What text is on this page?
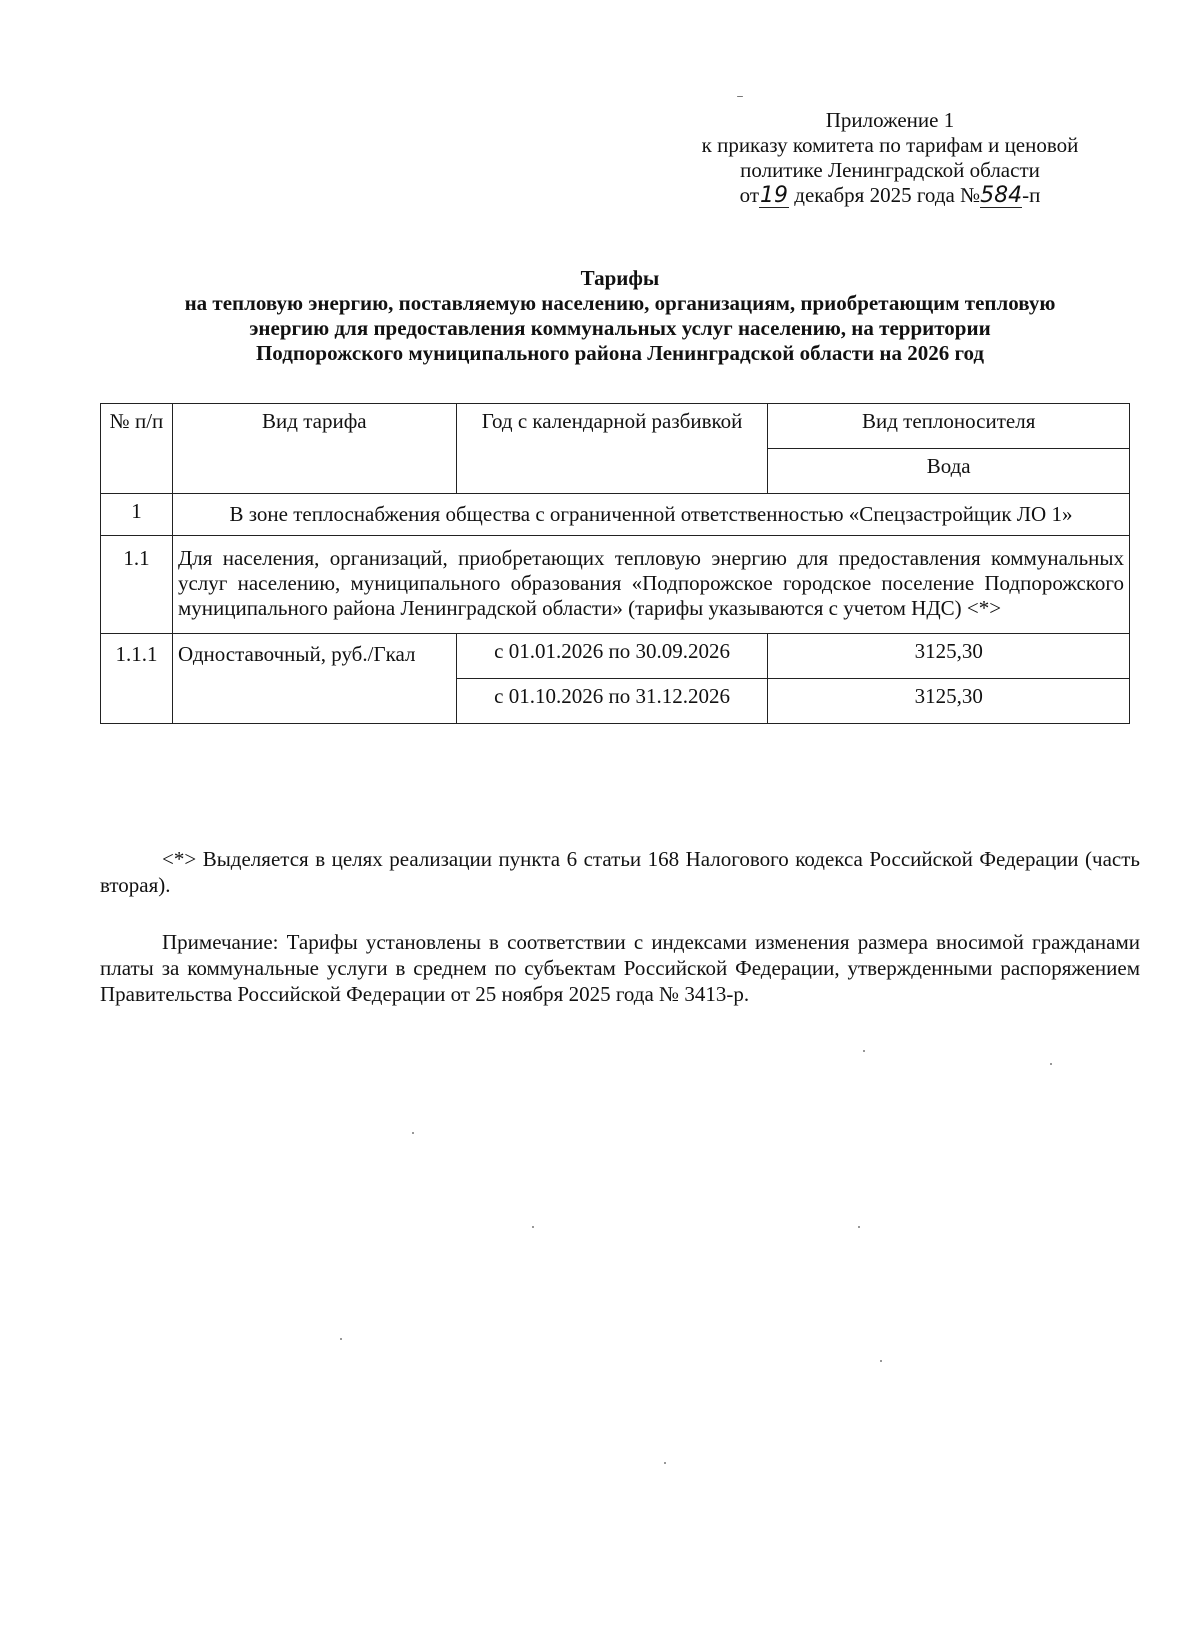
Приложение 1
к приказу комитета по тарифам и ценовой
политике Ленинградской области
от19 декабря 2025 года №584-п
Тарифы
на тепловую энергию, поставляемую населению, организациям, приобретающим тепловую
энергию для предоставления коммунальных услуг населению, на территории
Подпорожского муниципального района Ленинградской области на 2026 год
№ п/п	Вид тарифа	Год с календарной разбивкой	Вид теплоносителя
			Вода
1	В зоне теплоснабжения общества с ограниченной ответственностью «Спецзастройщик ЛО 1»		
1.1	Для населения, организаций, приобретающих тепловую энергию для предоставления коммунальных услуг населению, муниципального образования «Подпорожское городское поселение Подпорожского муниципального района Ленинградской области» (тарифы указываются с учетом НДС) <*>		
1.1.1	Одноставочный, руб./Гкал	с 01.01.2026 по 30.09.2026	3125,30
		с 01.10.2026 по 31.12.2026	3125,30

<*> Выделяется в целях реализации пункта 6 статьи 168 Налогового кодекса Российской Федерации (часть вторая).

Примечание: Тарифы установлены в соответствии с индексами изменения размера вносимой гражданами платы за коммунальные услуги в среднем по субъектам Российской Федерации, утвержденными распоряжением Правительства Российской Федерации от 25 ноября 2025 года № 3413-р.
